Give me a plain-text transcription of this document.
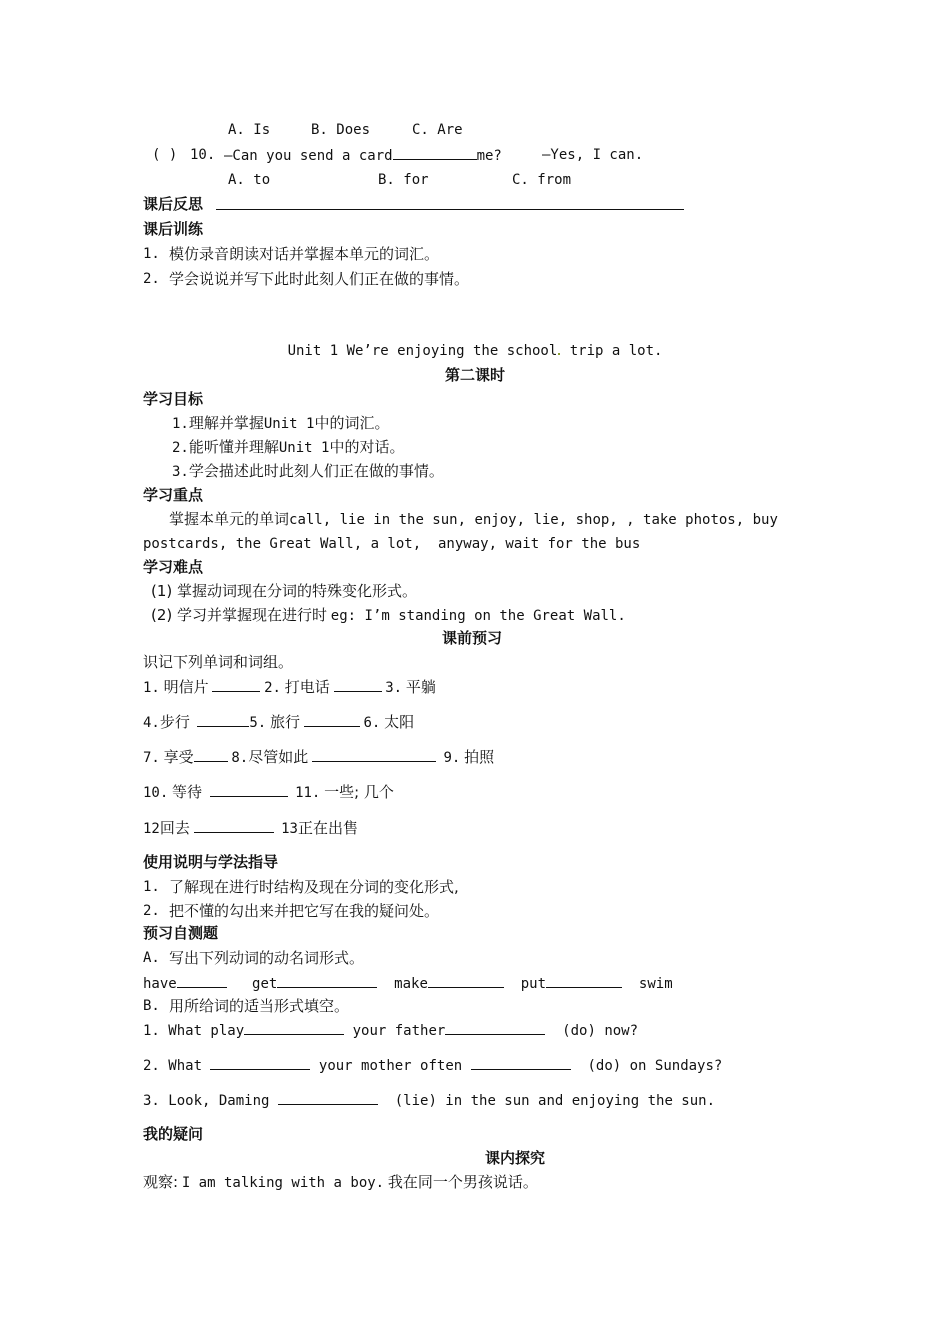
A. Is	B. Does	C. Are
( ) 10. —Can you send a card	me?	—Yes, I can.
A. to	B. for	C. from
课后反思
课后训练
1. 模仿录音朗读对话并掌握本单元的词汇。
2. 学会说说并写下此时此刻人们正在做的事情。
Unit 1 We’re enjoying the school trip a lot.
第二课时
学习目标
1.理解并掌握Unit 1中的词汇。
2.能听懂并理解Unit 1中的对话。
3.学会描述此时此刻人们正在做的事情。
学习重点
掌握本单元的单词call, lie in the sun, enjoy, lie, shop, , take photos, buy
postcards, the Great Wall, a lot,  anyway, wait for the bus
学习难点
(1) 掌握动词现在分词的特殊变化形式。
(2) 学习并掌握现在进行时 eg: I’m standing on the Great Wall.
课前预习
识记下列单词和词组。
1. 明信片	2. 打电话	3. 平躺
4.步行	5. 旅行	6. 太阳
7. 享受	8.尽管如此	9. 拍照
10. 等待	11. 一些; 几个
12回去	13正在出售
使用说明与学法指导
1. 了解现在进行时结构及现在分词的变化形式,
2. 把不懂的勾出来并把它写在我的疑问处。
预习自测题
A. 写出下列动词的动名词形式。
have	get	make	put	swim
B. 用所给词的适当形式填空。
1. What play	your father	(do) now?
2. What	your mother often	(do) on Sundays?
3. Look, Daming	(lie) in the sun and enjoying the sun.
我的疑问
课内探究
观察: I am talking with a boy. 我在同一个男孩说话。
